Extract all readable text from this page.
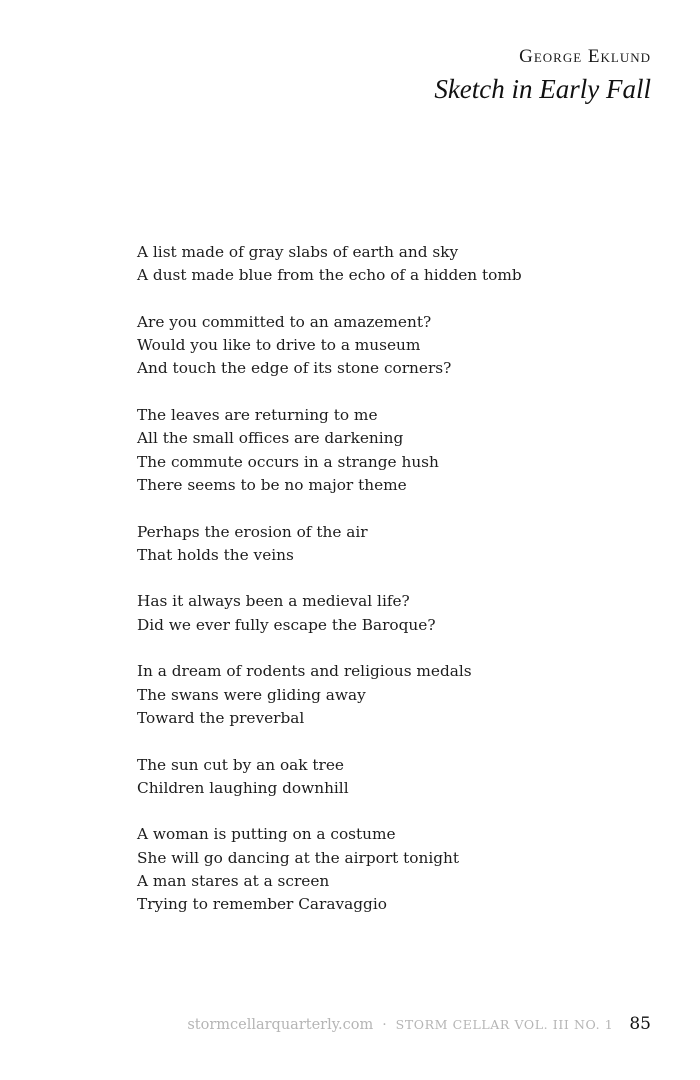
George Eklund
Sketch in Early Fall
A list made of gray slabs of earth and sky
A dust made blue from the echo of a hidden tomb
Are you committed to an amazement?
Would you like to drive to a museum
And touch the edge of its stone corners?
The leaves are returning to me
All the small offices are darkening
The commute occurs in a strange hush
There seems to be no major theme
Perhaps the erosion of the air
That holds the veins
Has it always been a medieval life?
Did we ever fully escape the Baroque?
In a dream of rodents and religious medals
The swans were gliding away
Toward the preverbal
The sun cut by an oak tree
Children laughing downhill
A woman is putting on a costume
She will go dancing at the airport tonight
A man stares at a screen
Trying to remember Caravaggio
stormcellarquarterly.com · STORM CELLAR VOL. III NO. 1 85
